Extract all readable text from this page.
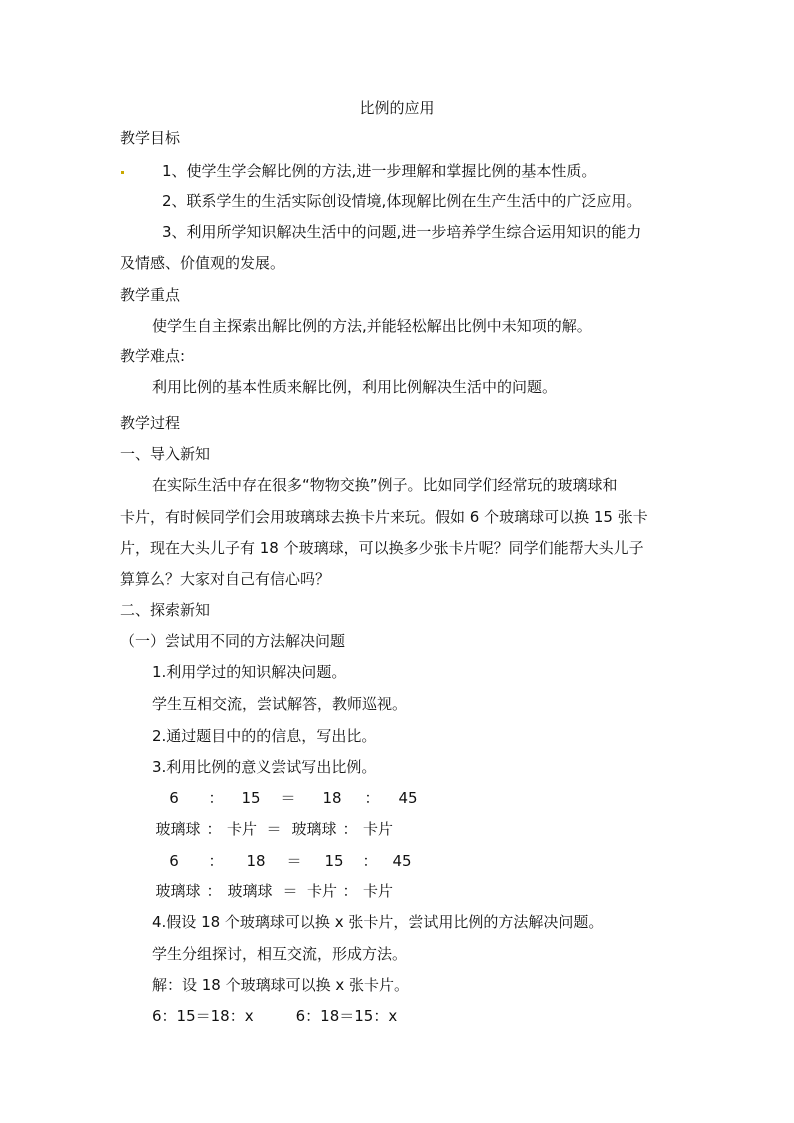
比例的应用
教学目标
1、使学生学会解比例的方法,进一步理解和掌握比例的基本性质。
2、联系学生的生活实际创设情境,体现解比例在生产生活中的广泛应用。
3、利用所学知识解决生活中的问题,进一步培养学生综合运用知识的能力
及情感、价值观的发展。
教学重点
使学生自主探索出解比例的方法,并能轻松解出比例中未知项的解。
教学难点:
利用比例的基本性质来解比例，利用比例解决生活中的问题。
教学过程
一、导入新知
在实际生活中存在很多“物物交换”例子。比如同学们经常玩的玻璃球和
卡片，有时候同学们会用玻璃球去换卡片来玩。假如 6 个玻璃球可以换 15 张卡
片，现在大头儿子有 18 个玻璃球，可以换多少张卡片呢？同学们能帮大头儿子
算算么？大家对自己有信心吗？
二、探索新知
（一）尝试用不同的方法解决问题
1.利用学过的知识解决问题。
学生互相交流，尝试解答，教师巡视。
2.通过题目中的的信息，写出比。
3.利用比例的意义尝试写出比例。
6	：	15	＝	18	：	45
玻璃球 ： 卡片 ＝ 玻璃球 ： 卡片
6	：	18	＝	15	： 45
玻璃球 ： 玻璃球 ＝ 卡片 ： 卡片
4.假设 18 个玻璃球可以换 x 张卡片，尝试用比例的方法解决问题。
学生分组探讨，相互交流，形成方法。
解：设 18 个玻璃球可以换 x 张卡片。
6：15＝18：x	6：18＝15：x
